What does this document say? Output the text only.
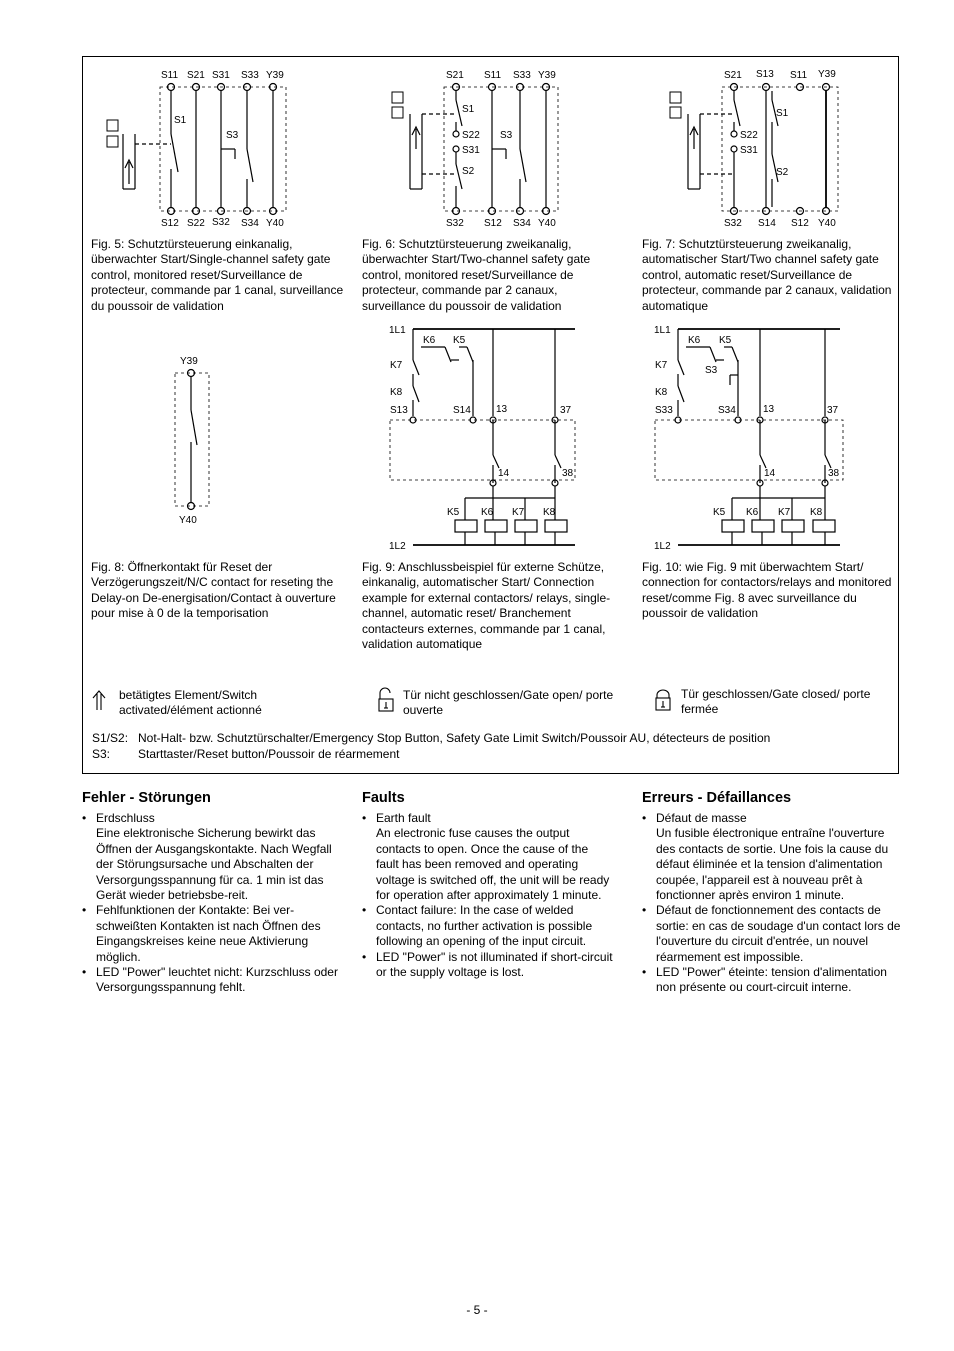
S11 S21 S31 S33 Y39
S1
S3
S12 S22 S32 S34 Y40
S21 S11 S33 Y39
S1
S22
S31
S2
S3
S32 S12 S34 Y40
S21 S13 S11 Y39
S1
S22
S31
S2
S32 S14 S12 Y40
Fig. 5: Schutztürsteuerung einkanalig, überwachter Start/Single-channel safety gate control, monitored reset/Surveillance de protecteur, commande par 1 canal, surveillance du poussoir de validation
Fig. 6: Schutztürsteuerung zweikanalig, überwachter Start/Two-channel safety gate control, monitored reset/Surveillance de protecteur, commande par 2 canaux, surveillance du poussoir de validation
Fig. 7: Schutztürsteuerung zweikanalig, automatischer Start/Two channel safety gate control, automatic reset/Surveillance de protecteur, commande par 2 canaux, validation automatique
Y39
Y40
1L1
K6 K5
K7
K8
S13	S14	13	37
14	38
K5 K6 K7 K8
1L2
1L1
K6 K5
K7
K8
S3
S33	S34	13	37
14	38
K5 K6 K7 K8
1L2
Fig. 8: Öffnerkontakt für Reset der Verzögerungszeit/N/C contact for reseting the Delay-on De-energisation/Contact à ouverture pour mise à 0 de la temporisation
Fig. 9: Anschlussbeispiel für externe Schütze, einkanalig, automatischer Start/ Connection example for external contactors/ relays, single-channel, automatic reset/ Branchement contacteurs externes, commande par 1 canal, validation automatique
Fig. 10: wie Fig. 9 mit überwachtem Start/ connection for contactors/relays and monitored reset/comme Fig. 8 avec surveillance du poussoir de validation
betätigtes Element/Switch activated/élément actionné
Tür nicht geschlossen/Gate open/ porte ouverte
Tür geschlossen/Gate closed/ porte fermée
S1/S2: Not-Halt- bzw. Schutztürschalter/Emergency Stop Button, Safety Gate Limit Switch/Poussoir AU, détecteurs de position
S3:	Starttaster/Reset button/Poussoir de réarmement
Fehler - Störungen
• Erdschluss
Eine elektronische Sicherung bewirkt das Öffnen der Ausgangskontakte. Nach Wegfall der Störungsursache und Abschalten der Versorgungsspannung für ca. 1 min ist das Gerät wieder betriebsbe-reit.
• Fehlfunktionen der Kontakte: Bei ver-schweißten Kontakten ist nach Öffnen des Eingangskreises keine neue Aktivierung möglich.
• LED "Power" leuchtet nicht: Kurzschluss oder Versorgungsspannung fehlt.
Faults
• Earth fault
An electronic fuse causes the output contacts to open. Once the cause of the fault has been removed and operating voltage is switched off, the unit will be ready for operation after approximately 1 minute.
• Contact failure: In the case of welded contacts, no further activation is possible following an opening of the input circuit.
• LED "Power" is not illuminated if short-circuit or the supply voltage is lost.
Erreurs - Défaillances
• Défaut de masse
Un fusible électronique entraîne l'ouverture des contacts de sortie. Une fois la cause du défaut éliminée et la tension d'alimentation coupée, l'appareil est à nouveau prêt à fonctionner après environ 1 minute.
• Défaut de fonctionnement des contacts de sortie: en cas de soudage d'un contact lors de l'ouverture du circuit d'entrée, un nouvel réarmement est impossible.
• LED "Power" éteinte: tension d'alimentation non présente ou court-circuit interne.
- 5 -
